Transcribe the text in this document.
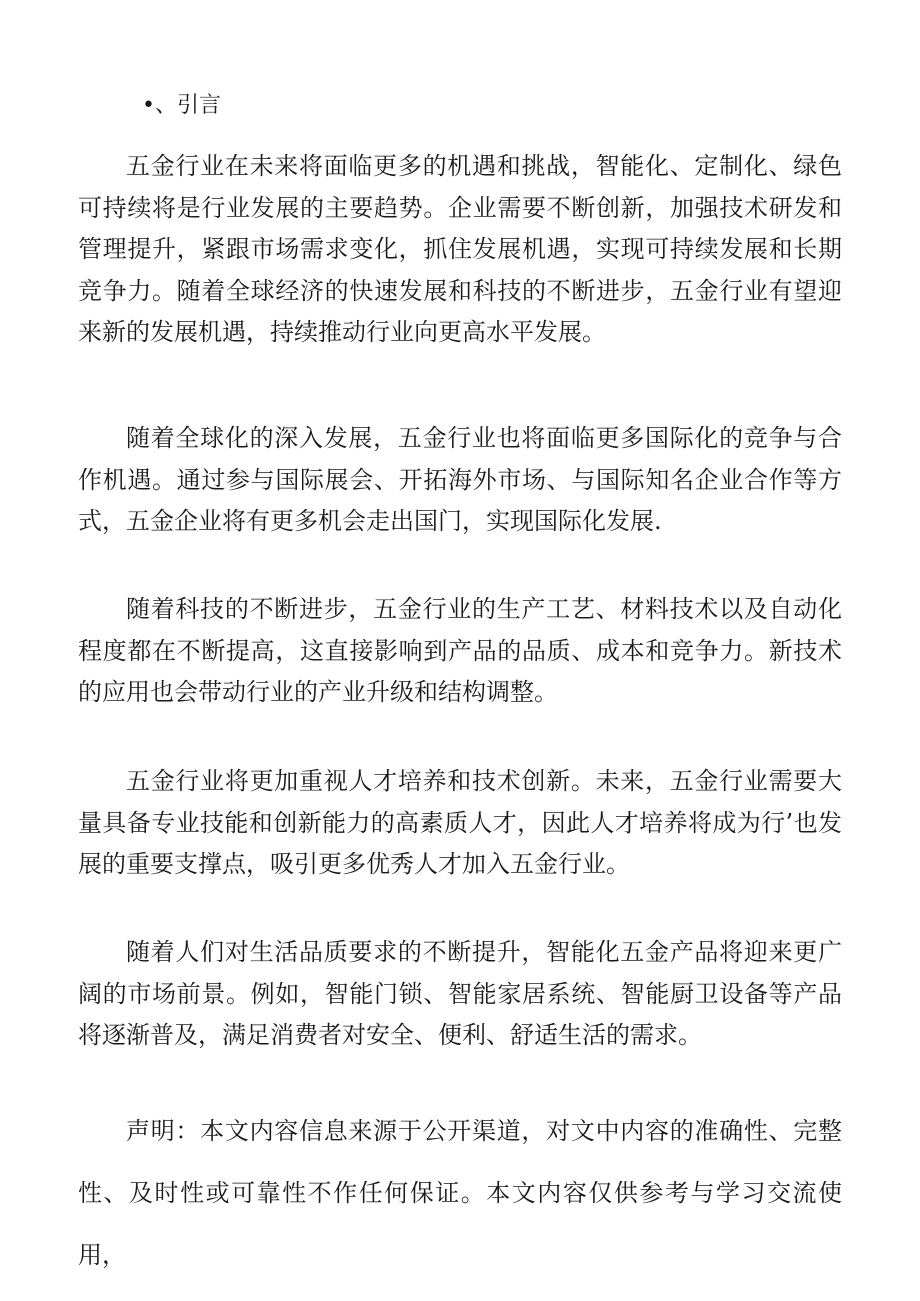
•、引言

五金行业在未来将面临更多的机遇和挑战，智能化、定制化、绿色可持续将是行业发展的主要趋势。企业需要不断创新，加强技术研发和管理提升，紧跟市场需求变化，抓住发展机遇，实现可持续发展和长期竞争力。随着全球经济的快速发展和科技的不断进步，五金行业有望迎来新的发展机遇，持续推动行业向更高水平发展。

随着全球化的深入发展，五金行业也将面临更多国际化的竞争与合作机遇。通过参与国际展会、开拓海外市场、与国际知名企业合作等方式，五金企业将有更多机会走出国门，实现国际化发展.

随着科技的不断进步，五金行业的生产工艺、材料技术以及自动化程度都在不断提高，这直接影响到产品的品质、成本和竞争力。新技术的应用也会带动行业的产业升级和结构调整。

五金行业将更加重视人才培养和技术创新。未来，五金行业需要大量具备专业技能和创新能力的高素质人才，因此人才培养将成为行’也发展的重要支撑点，吸引更多优秀人才加入五金行业。

随着人们对生活品质要求的不断提升，智能化五金产品将迎来更广阔的市场前景。例如，智能门锁、智能家居系统、智能厨卫设备等产品将逐渐普及，满足消费者对安全、便利、舒适生活的需求。

声明：本文内容信息来源于公开渠道，对文中内容的准确性、完整性、及时性或可靠性不作任何保证。本文内容仅供参考与学习交流使用，
